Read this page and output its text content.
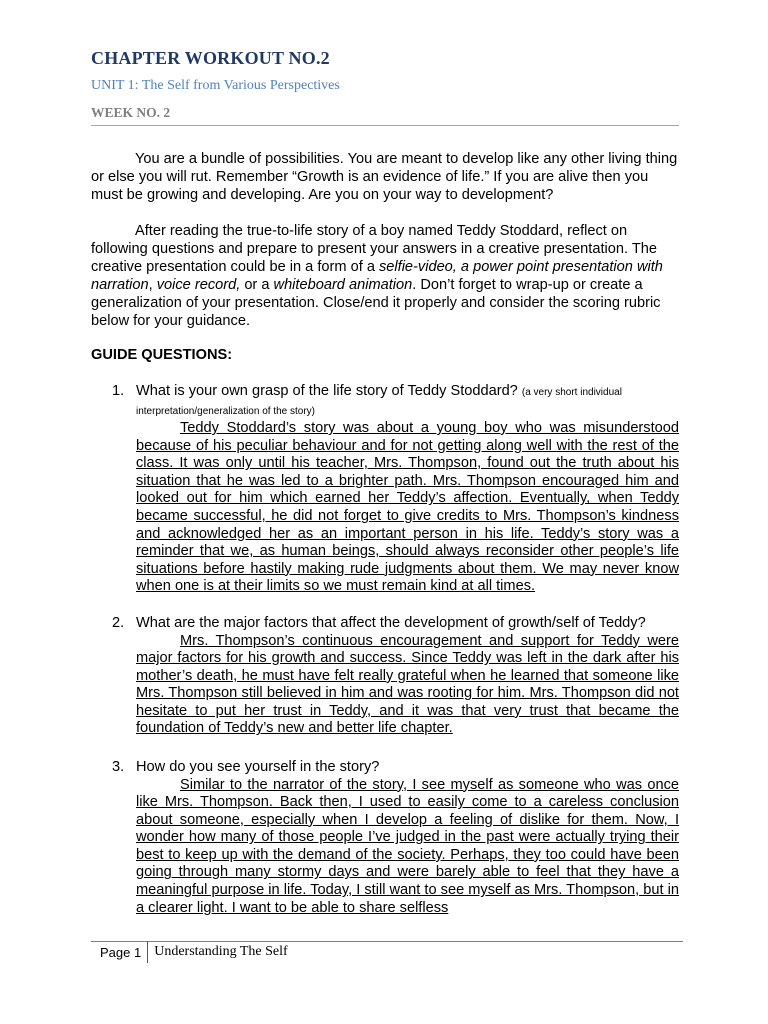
CHAPTER WORKOUT NO.2
UNIT 1: The Self from Various Perspectives
WEEK NO. 2

You are a bundle of possibilities. You are meant to develop like any other living thing or else you will rut. Remember “Growth is an evidence of life.” If you are alive then you must be growing and developing. Are you on your way to development?

After reading the true-to-life story of a boy named Teddy Stoddard, reflect on following questions and prepare to present your answers in a creative presentation. The creative presentation could be in a form of a selfie-video, a power point presentation with narration, voice record, or a whiteboard animation. Don’t forget to wrap-up or create a generalization of your presentation. Close/end it properly and consider the scoring rubric below for your guidance.

GUIDE QUESTIONS:
1. What is your own grasp of the life story of Teddy Stoddard? (a very short individual interpretation/generalization of the story)
Teddy Stoddard’s story was about a young boy who was misunderstood because of his peculiar behaviour and for not getting along well with the rest of the class. It was only until his teacher, Mrs. Thompson, found out the truth about his situation that he was led to a brighter path. Mrs. Thompson encouraged him and looked out for him which earned her Teddy’s affection. Eventually, when Teddy became successful, he did not forget to give credits to Mrs. Thompson’s kindness and acknowledged her as an important person in his life. Teddy’s story was a reminder that we, as human beings, should always reconsider other people’s life situations before hastily making rude judgments about them. We may never know when one is at their limits so we must remain kind at all times.
2. What are the major factors that affect the development of growth/self of Teddy?
Mrs. Thompson’s continuous encouragement and support for Teddy were major factors for his growth and success. Since Teddy was left in the dark after his mother’s death, he must have felt really grateful when he learned that someone like Mrs. Thompson still believed in him and was rooting for him. Mrs. Thompson did not hesitate to put her trust in Teddy, and it was that very trust that became the foundation of Teddy’s new and better life chapter.
3. How do you see yourself in the story?
Similar to the narrator of the story, I see myself as someone who was once like Mrs. Thompson. Back then, I used to easily come to a careless conclusion about someone, especially when I develop a feeling of dislike for them. Now, I wonder how many of those people I’ve judged in the past were actually trying their best to keep up with the demand of the society. Perhaps, they too could have been going through many stormy days and were barely able to feel that they have a meaningful purpose in life. Today, I still want to see myself as Mrs. Thompson, but in a clearer light. I want to be able to share selfless
Page 1 Understanding The Self
